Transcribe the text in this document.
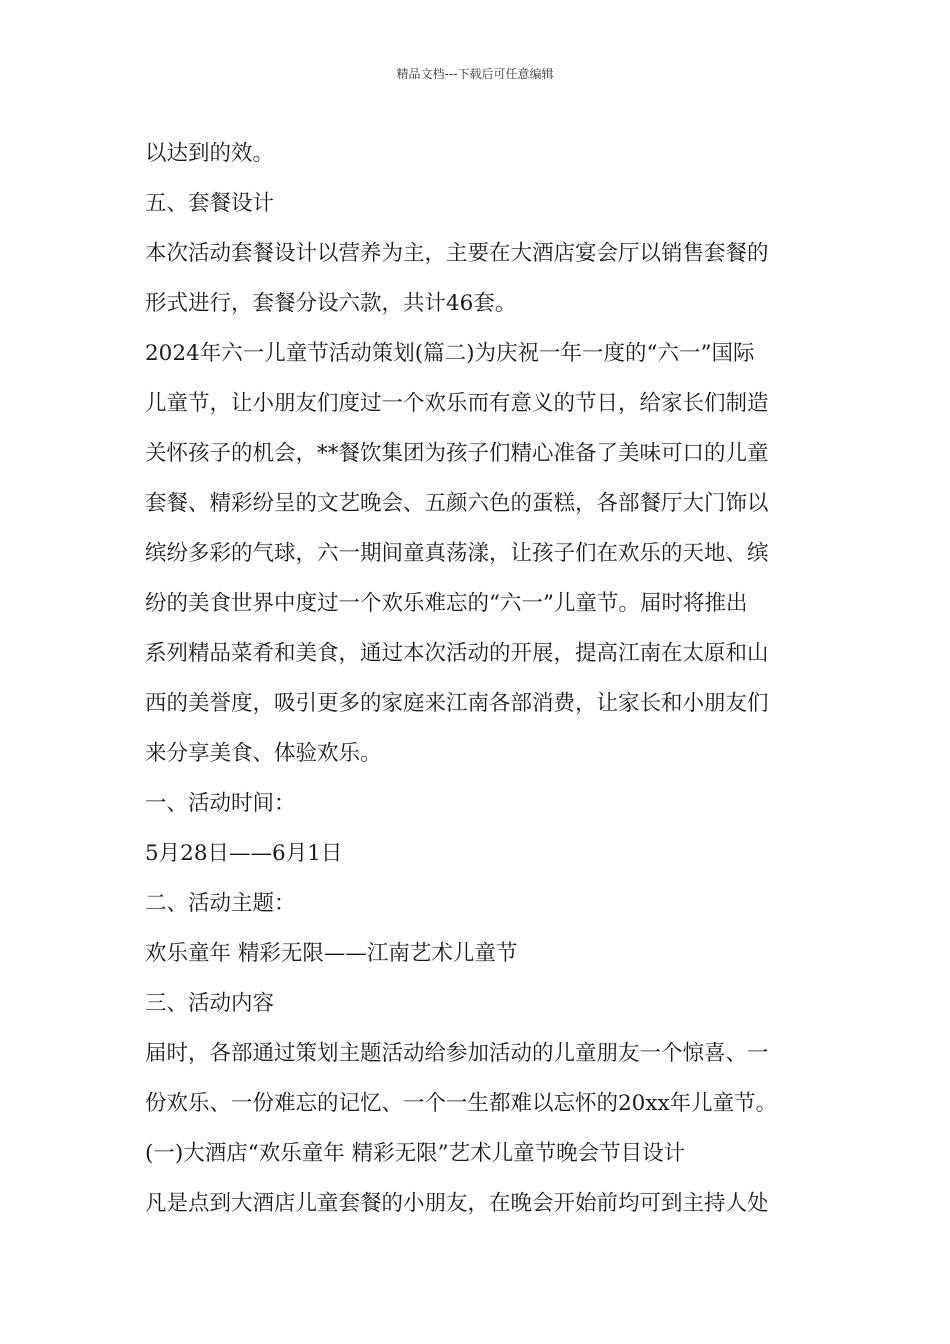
精品文档---下载后可任意编辑
以达到的效。
五、套餐设计
本次活动套餐设计以营养为主，主要在大酒店宴会厅以销售套餐的
形式进行，套餐分设六款，共计46套。
2024年六一儿童节活动策划(篇二)为庆祝一年一度的“六一”国际
儿童节，让小朋友们度过一个欢乐而有意义的节日，给家长们制造
关怀孩子的机会，**餐饮集团为孩子们精心准备了美味可口的儿童
套餐、精彩纷呈的文艺晚会、五颜六色的蛋糕，各部餐厅大门饰以
缤纷多彩的气球，六一期间童真荡漾，让孩子们在欢乐的天地、缤
纷的美食世界中度过一个欢乐难忘的“六一”儿童节。届时将推出
系列精品菜肴和美食，通过本次活动的开展，提高江南在太原和山
西的美誉度，吸引更多的家庭来江南各部消费，让家长和小朋友们
来分享美食、体验欢乐。
一、活动时间：
5月28日——6月1日
二、活动主题：
欢乐童年 精彩无限——江南艺术儿童节
三、活动内容
届时，各部通过策划主题活动给参加活动的儿童朋友一个惊喜、一
份欢乐、一份难忘的记忆、一个一生都难以忘怀的20xx年儿童节。
(一)大酒店“欢乐童年 精彩无限”艺术儿童节晚会节目设计
凡是点到大酒店儿童套餐的小朋友，在晚会开始前均可到主持人处
